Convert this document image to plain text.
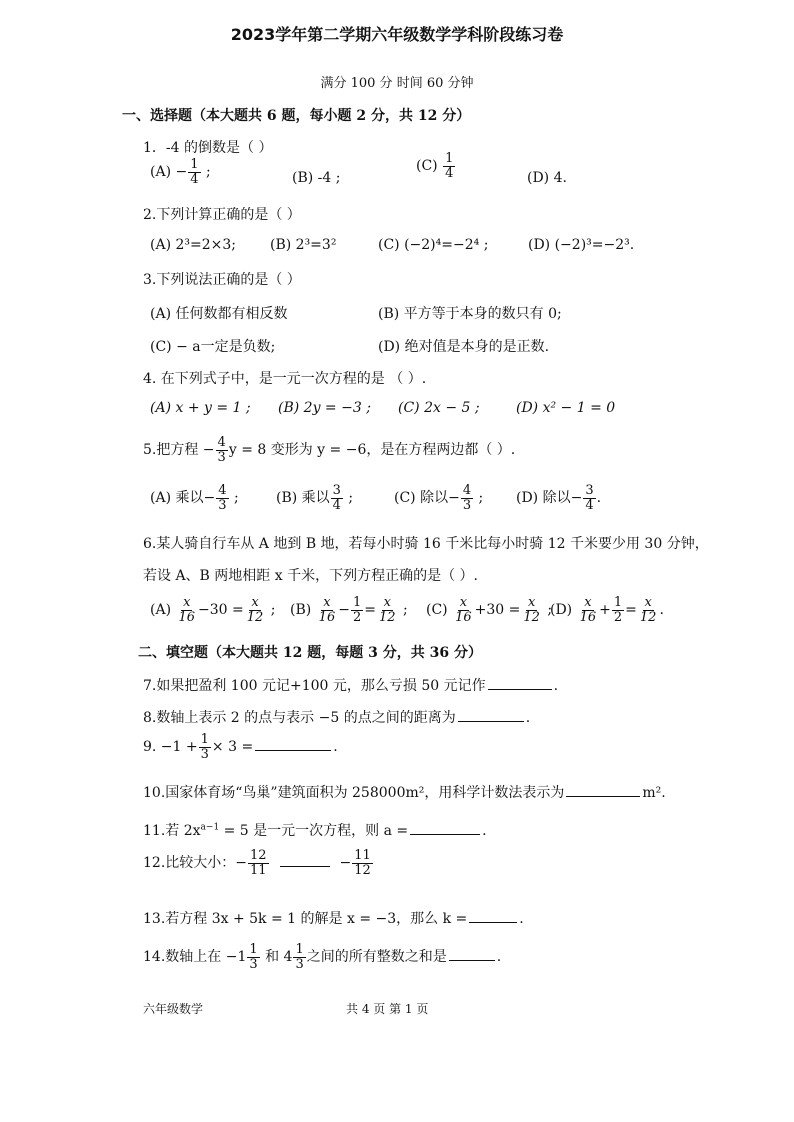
2023学年第二学期六年级数学学科阶段练习卷
满分 100 分 时间 60 分钟
一、选择题（本大题共 6 题，每小题 2 分，共 12 分）
1．-4 的倒数是（ ）
$(A) - \frac{1}{4}$ ;	(B) -4 ;
$(C) \frac{1}{4}$	(D) 4.
2.下列计算正确的是（ ）
(A) 2³=2×3; (B) 2³=3²	(C) (−2)⁴=−2⁴ ;	(D) (−2)³=−2³.
3.下列说法正确的是（ ）
(A) 任何数都有相反数	(B) 平方等于本身的数只有 0;
(C) − a一定是负数;	(D) 绝对值是本身的是正数.
4. 在下列式子中，是一元一次方程的是 （ ）.
(A) x + y = 1 ; (B) 2y = −3 ; (C) 2x − 5 ;	(D) x² − 1 = 0
5.把方程 − $\frac{4}{3}$ y = 8 变形为 y = −6，是在方程两边都（ ）.
(A) 乘以− $\frac{4}{3}$ ;	(B) 乘以 $\frac{3}{4}$ ;	(C) 除以− $\frac{4}{3}$ ; (D) 除以− $\frac{3}{4}$ .
6.某人骑自行车从 A 地到 B 地，若每小时骑 16 千米比每小时骑 12 千米要少用 30 分钟，
若设 A、B 两地相距 x 千米，下列方程正确的是（ ）.
$(A) \frac{x}{16} -30 = \frac{x}{12}$ ; $(B) \frac{x}{16} - \frac{1}{2} = \frac{x}{12}$ ; $(C) \frac{x}{16} +30 = \frac{x}{12}$ ;
$(D) \frac{x}{16} + \frac{1}{2} = \frac{x}{12}$ .
二、填空题（本大题共 12 题，每题 3 分，共 36 分）
7.如果把盈利 100 元记+100 元，那么亏损 50 元记作	.
8.数轴上表示 2 的点与表示 −5 的点之间的距离为	.
9. $-1 + \frac{1}{3} \times 3$ =	.
10.国家体育场“鸟巢”建筑面积为 258000m²，用科学计数法表示为	m².
11.若 $2x^{a-1} = 5$ 是一元一次方程，则 a =	.
12.比较大小：− $\frac{12}{11}$	− $\frac{11}{12}$
13.若方程 3x + 5k = 1 的解是 x = −3，那么 k =	.
14.数轴上在 $-1 \frac{1}{3}$ 和 $4 \frac{1}{3}$ 之间的所有整数之和是	.
六年级数学	共 4 页 第 1 页
